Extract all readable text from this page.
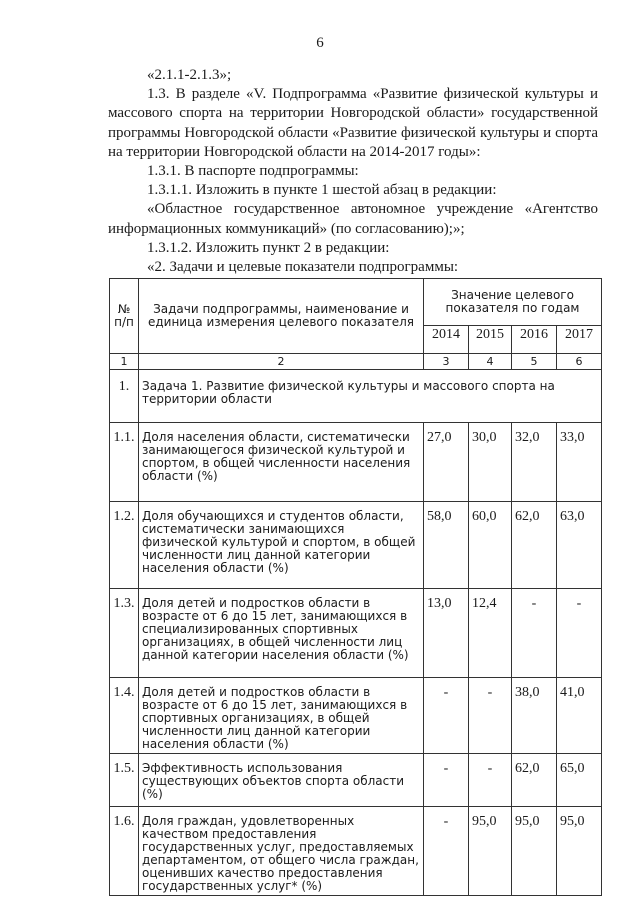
6

«2.1.1-2.1.3»;

1.3. В разделе «V. Подпрограмма «Развитие физической культуры и массового спорта на территории Новгородской области» государственной программы Новгородской области «Развитие физической культуры и спорта на территории Новгородской области на 2014-2017 годы»:

1.3.1. В паспорте подпрограммы:

1.3.1.1. Изложить в пункте 1 шестой абзац в редакции:

«Областное государственное автономное учреждение «Агентство информационных коммуникаций» (по согласованию);»;

1.3.1.2. Изложить пункт 2 в редакции:

«2. Задачи и целевые показатели подпрограммы:

№ п/п	Задачи подпрограммы, наименование и единица измерения целевого показателя	Значение целевого показателя по годам			
		2014	2015	2016	2017
1	2	3	4	5	6
1.	Задача 1. Развитие физической культуры и массового спорта на территории области				
1.1.	Доля населения области, систематически занимающегося физической культурой и спортом, в общей численности населения области (%)	27,0	30,0	32,0	33,0
1.2.	Доля обучающихся и студентов области, систематически занимающихся физической культурой и спортом, в общей численности лиц данной категории населения области (%)	58,0	60,0	62,0	63,0
1.3.	Доля детей и подростков области в возрасте от 6 до 15 лет, занимающихся в специализированных спортивных организациях, в общей численности лиц данной категории населения области (%)	13,0	12,4	-	-
1.4.	Доля детей и подростков области в возрасте от 6 до 15 лет, занимающихся в спортивных организациях, в общей численности лиц данной категории населения области (%)	-	-	38,0	41,0
1.5.	Эффективность использования существующих объектов спорта области (%)	-	-	62,0	65,0
1.6.	Доля граждан, удовлетворенных качеством предоставления государственных услуг, предоставляемых департаментом, от общего числа граждан, оценивших качество предоставления государственных услуг* (%)	-	95,0	95,0	95,0
